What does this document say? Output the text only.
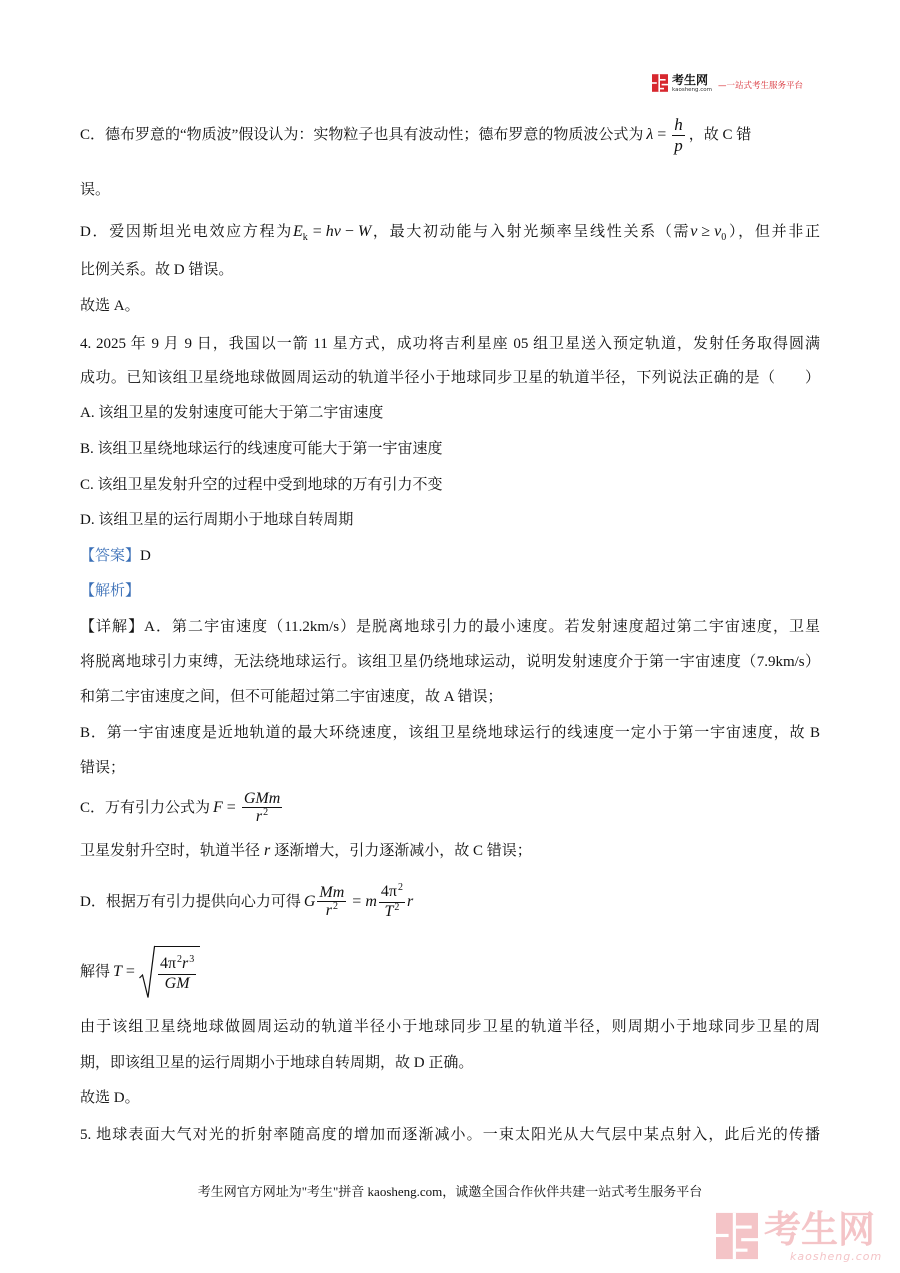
考生网
kaosheng.com —一站式考生服务平台
C．德布罗意的“物质波”假设认为：实物粒子也具有波动性；德布罗意的物质波公式为 $\lambda = \frac{h}{p}$ ，故 C 错
误。
D．爱因斯坦光电效应方程为$E_k = h\nu - W$，最大初动能与入射光频率呈线性关系（需$\nu \ge \nu_0$），但并非正
比例关系。故 D 错误。
故选 A。
4. 2025 年 9 月 9 日，我国以一箭 11 星方式，成功将吉利星座 05 组卫星送入预定轨道，发射任务取得圆满
成功。已知该组卫星绕地球做圆周运动的轨道半径小于地球同步卫星的轨道半径，下列说法正确的是（        ）
A. 该组卫星的发射速度可能大于第二宇宙速度
B. 该组卫星绕地球运行的线速度可能大于第一宇宙速度
C. 该组卫星发射升空的过程中受到地球的万有引力不变
D. 该组卫星的运行周期小于地球自转周期
【答案】D
【解析】
【详解】A．第二宇宙速度（11.2km/s）是脱离地球引力的最小速度。若发射速度超过第二宇宙速度，卫星
将脱离地球引力束缚，无法绕地球运行。该组卫星仍绕地球运动，说明发射速度介于第一宇宙速度（7.9km/s）
和第二宇宙速度之间，但不可能超过第二宇宙速度，故 A 错误；
B．第一宇宙速度是近地轨道的最大环绕速度，该组卫星绕地球运行的线速度一定小于第一宇宙速度，故 B
错误；
C．万有引力公式为 $F = \frac{\text{GMm}}{r^2}$
卫星发射升空时，轨道半径 r 逐渐增大，引力逐渐减小，故 C 错误；
D．根据万有引力提供向心力可得 G $\frac{Mm}{r^2} = m \frac{4\pi^2}{T^2}$ r
解得 $T = \frac{4\pi^2r^3}{GM}$
由于该组卫星绕地球做圆周运动的轨道半径小于地球同步卫星的轨道半径，则周期小于地球同步卫星的周
期，即该组卫星的运行周期小于地球自转周期，故 D 正确。
故选 D。
5. 地球表面大气对光的折射率随高度的增加而逐渐减小。一束太阳光从大气层中某点射入，此后光的传播
考生网官方网址为"考生"拼音 kaosheng.com，诚邀全国合作伙伴共建一站式考生服务平台
考生网
kaosheng.com
